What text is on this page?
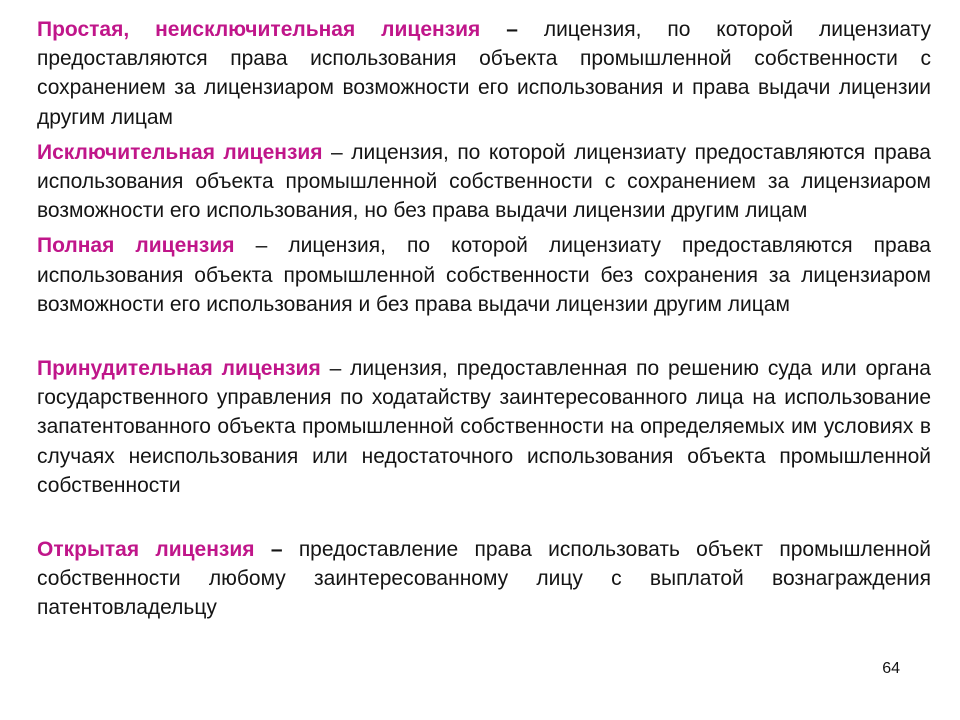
Простая, неисключительная лицензия – лицензия, по которой лицензиату предоставляются права использования объекта промышленной собственности с сохранением за лицензиаром возможности его использования и права выдачи лицензии другим лицам

Исключительная лицензия – лицензия, по которой лицензиату предоставляются права использования объекта промышленной собственности с сохранением за лицензиаром возможности его использования, но без права выдачи лицензии другим лицам

Полная лицензия – лицензия, по которой лицензиату предоставляются права использования объекта промышленной собственности без сохранения за лицензиаром возможности его использования и без права выдачи лицензии другим лицам

Принудительная лицензия – лицензия, предоставленная по решению суда или органа государственного управления по ходатайству заинтересованного лица на использование запатентованного объекта промышленной собственности на определяемых им условиях в случаях неиспользования или недостаточного использования объекта промышленной собственности

Открытая лицензия – предоставление права использовать объект промышленной собственности любому заинтересованному лицу с выплатой вознаграждения патентовладельцу

64
